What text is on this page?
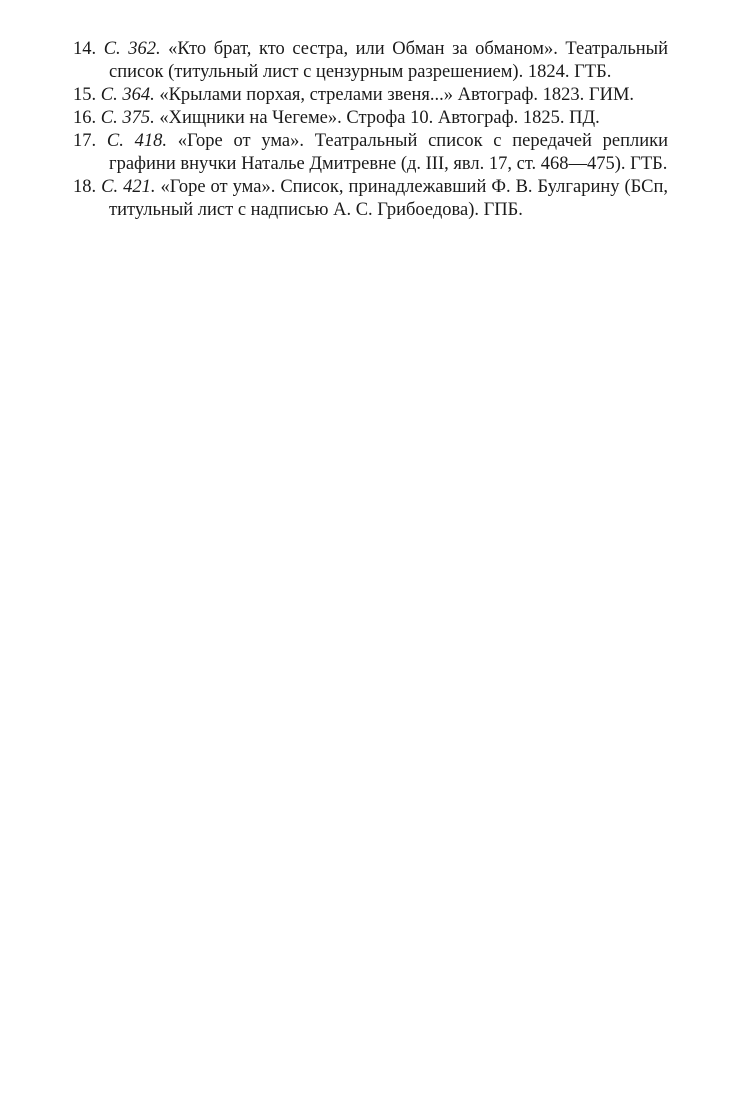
14. С. 362. «Кто брат, кто сестра, или Обман за обманом». Театральный список (титульный лист с цензурным разрешением). 1824. ГТБ.

15. С. 364. «Крылами порхая, стрелами звеня...» Автограф. 1823. ГИМ.

16. С. 375. «Хищники на Чегеме». Строфа 10. Автограф. 1825. ПД.

17. С. 418. «Горе от ума». Театральный список с передачей реплики графини внучки Наталье Дмитревне (д. III, явл. 17, ст. 468—475). ГТБ.

18. С. 421. «Горе от ума». Список, принадлежавший Ф. В. Булгарину (БСп, титульный лист с надписью А. С. Грибоедова). ГПБ.
